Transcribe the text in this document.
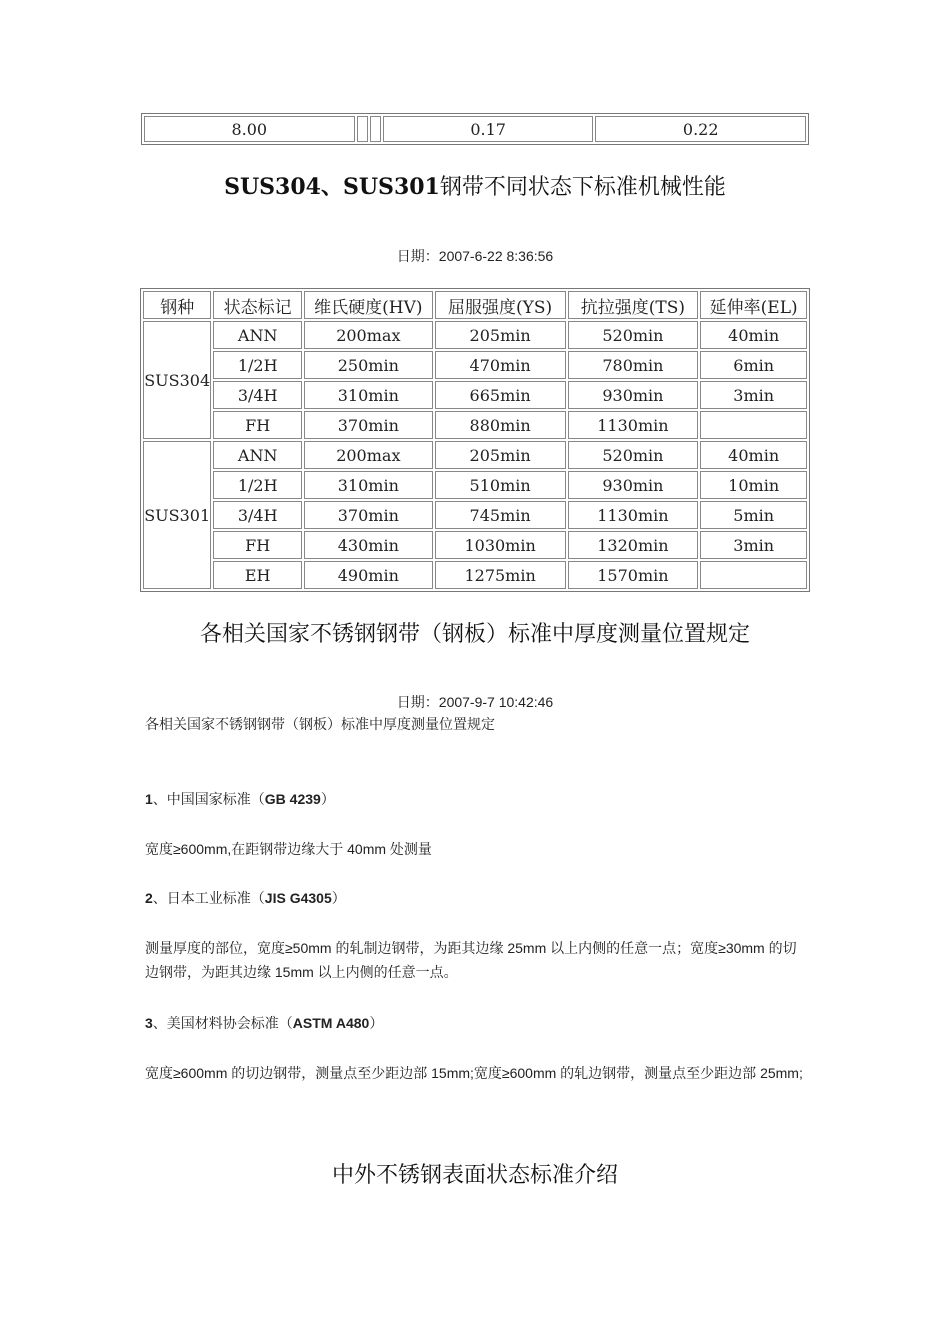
8.00			0.17	0.22
SUS304、SUS301钢带不同状态下标准机械性能
日期：2007-6-22 8:36:56
钢种	状态标记	维氏硬度(HV)	屈服强度(YS)	抗拉强度(TS)	延伸率(EL)
SUS304	ANN	200max	205min	520min	40min
	1/2H	250min	470min	780min	6min
	3/4H	310min	665min	930min	3min
	FH	370min	880min	1130min	
SUS301	ANN	200max	205min	520min	40min
	1/2H	310min	510min	930min	10min
	3/4H	370min	745min	1130min	5min
	FH	430min	1030min	1320min	3min
	EH	490min	1275min	1570min	
各相关国家不锈钢钢带（钢板）标准中厚度测量位置规定
日期：2007-9-7 10:42:46
各相关国家不锈钢钢带（钢板）标准中厚度测量位置规定
1、中国国家标准（GB 4239）
宽度≥600mm,在距钢带边缘大于 40mm 处测量
2、日本工业标准（JIS G4305）
测量厚度的部位，宽度≥50mm 的轧制边钢带，为距其边缘 25mm 以上内侧的任意一点；宽度≥30mm 的切边钢带，为距其边缘 15mm 以上内侧的任意一点。
3、美国材料协会标准（ASTM A480）
宽度≥600mm 的切边钢带，测量点至少距边部 15mm;宽度≥600mm 的轧边钢带，测量点至少距边部 25mm;
中外不锈钢表面状态标准介绍
